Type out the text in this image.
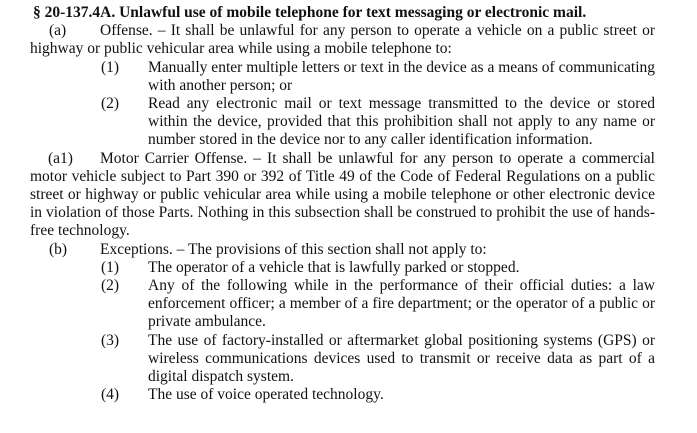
§ 20-137.4A. Unlawful use of mobile telephone for text messaging or electronic mail.

(a) Offense. – It shall be unlawful for any person to operate a vehicle on a public street or highway or public vehicular area while using a mobile telephone to:

(1)	Manually enter multiple letters or text in the device as a means of communicating with another person; or
(2)	Read any electronic mail or text message transmitted to the device or stored within the device, provided that this prohibition shall not apply to any name or number stored in the device nor to any caller identification information.

(a1) Motor Carrier Offense. – It shall be unlawful for any person to operate a commercial motor vehicle subject to Part 390 or 392 of Title 49 of the Code of Federal Regulations on a public street or highway or public vehicular area while using a mobile telephone or other electronic device in violation of those Parts. Nothing in this subsection shall be construed to prohibit the use of hands-free technology.

(b)	Exceptions. – The provisions of this section shall not apply to:
(1)	The operator of a vehicle that is lawfully parked or stopped.
(2)	Any of the following while in the performance of their official duties: a law enforcement officer; a member of a fire department; or the operator of a public or private ambulance.
(3)	The use of factory-installed or aftermarket global positioning systems (GPS) or wireless communications devices used to transmit or receive data as part of a digital dispatch system.
(4)	The use of voice operated technology.
